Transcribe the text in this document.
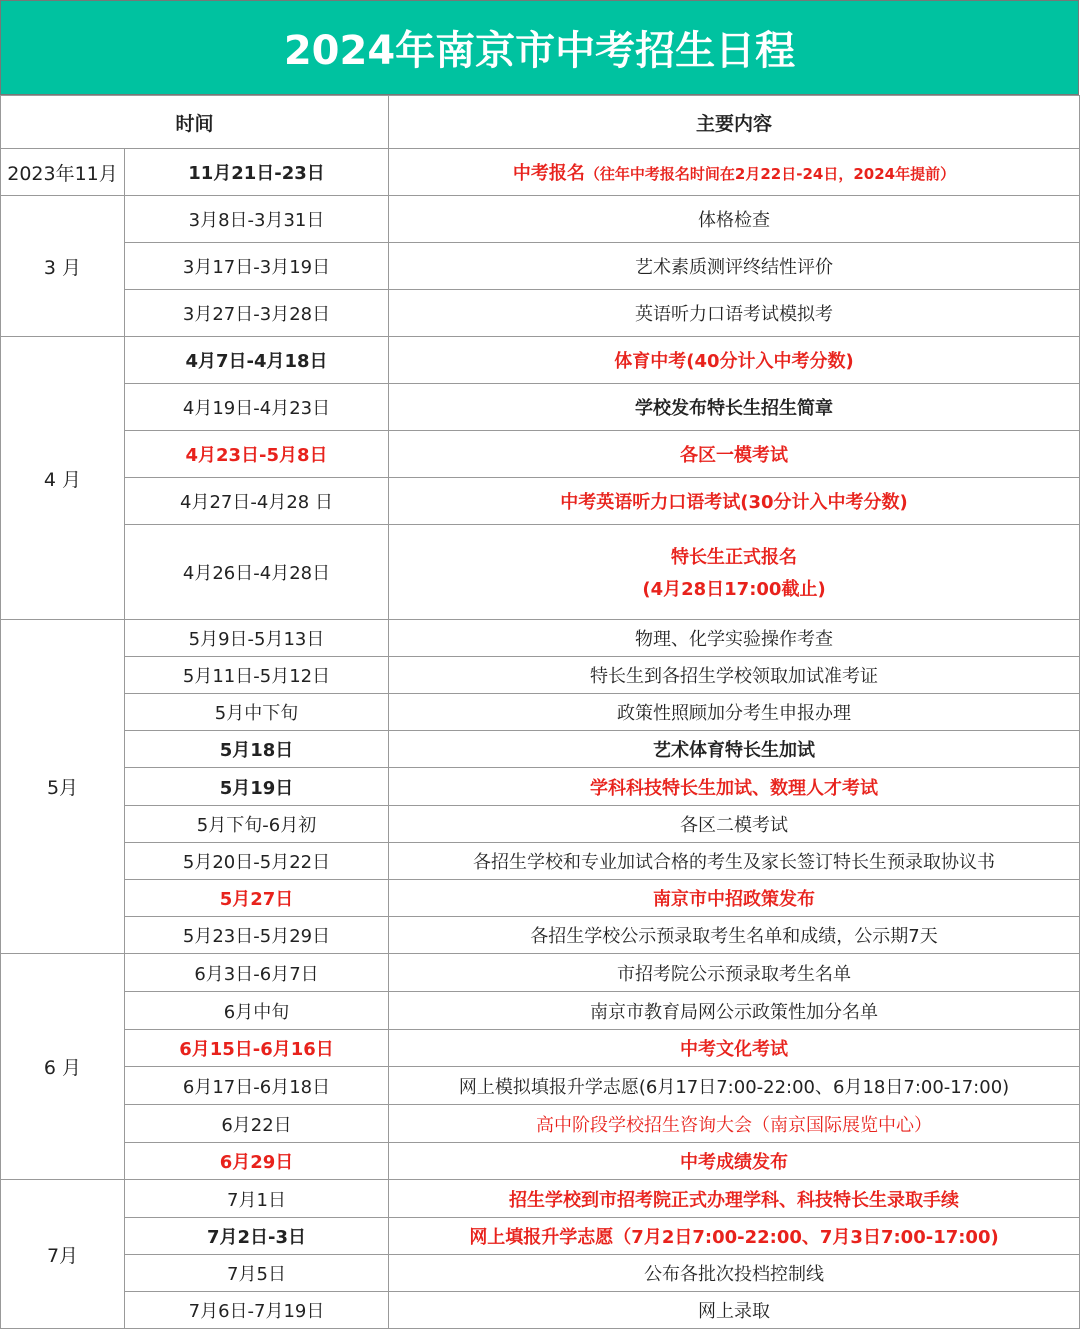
2024年南京市中考招生日程
时间		主要内容
2023年11月	11月21日-23日	中考报名（往年中考报名时间在2月22日-24日，2024年提前）
3 月	3月8日-3月31日	体格检查
	3月17日-3月19日	艺术素质测评终结性评价
	3月27日-3月28日	英语听力口语考试模拟考
4 月	4月7日-4月18日	体育中考(40分计入中考分数)
	4月19日-4月23日	学校发布特长生招生简章
	4月23日-5月8日	各区一模考试
	4月27日-4月28 日	中考英语听力口语考试(30分计入中考分数)
	4月26日-4月28日	特长生正式报名
(4月28日17:00截止)

5月	5月9日-5月13日	物理、化学实验操作考查
	5月11日-5月12日	特长生到各招生学校领取加试准考证
	5月中下旬	政策性照顾加分考生申报办理
	5月18日	艺术体育特长生加试
	5月19日	学科科技特长生加试、数理人才考试
	5月下旬-6月初	各区二模考试
	5月20日-5月22日	各招生学校和专业加试合格的考生及家长签订特长生预录取协议书
	5月27日	南京市中招政策发布
	5月23日-5月29日	各招生学校公示预录取考生名单和成绩，公示期7天
6 月	6月3日-6月7日	市招考院公示预录取考生名单
	6月中旬	南京市教育局网公示政策性加分名单
	6月15日-6月16日	中考文化考试
	6月17日-6月18日	网上模拟填报升学志愿(6月17日7:00-22:00、6月18日7:00-17:00)
	6月22日	高中阶段学校招生咨询大会（南京国际展览中心）
	6月29日	中考成绩发布
7月	7月1日	招生学校到市招考院正式办理学科、科技特长生录取手续
	7月2日-3日	网上填报升学志愿（7月2日7:00-22:00、7月3日7:00-17:00)
	7月5日	公布各批次投档控制线
	7月6日-7月19日	网上录取
